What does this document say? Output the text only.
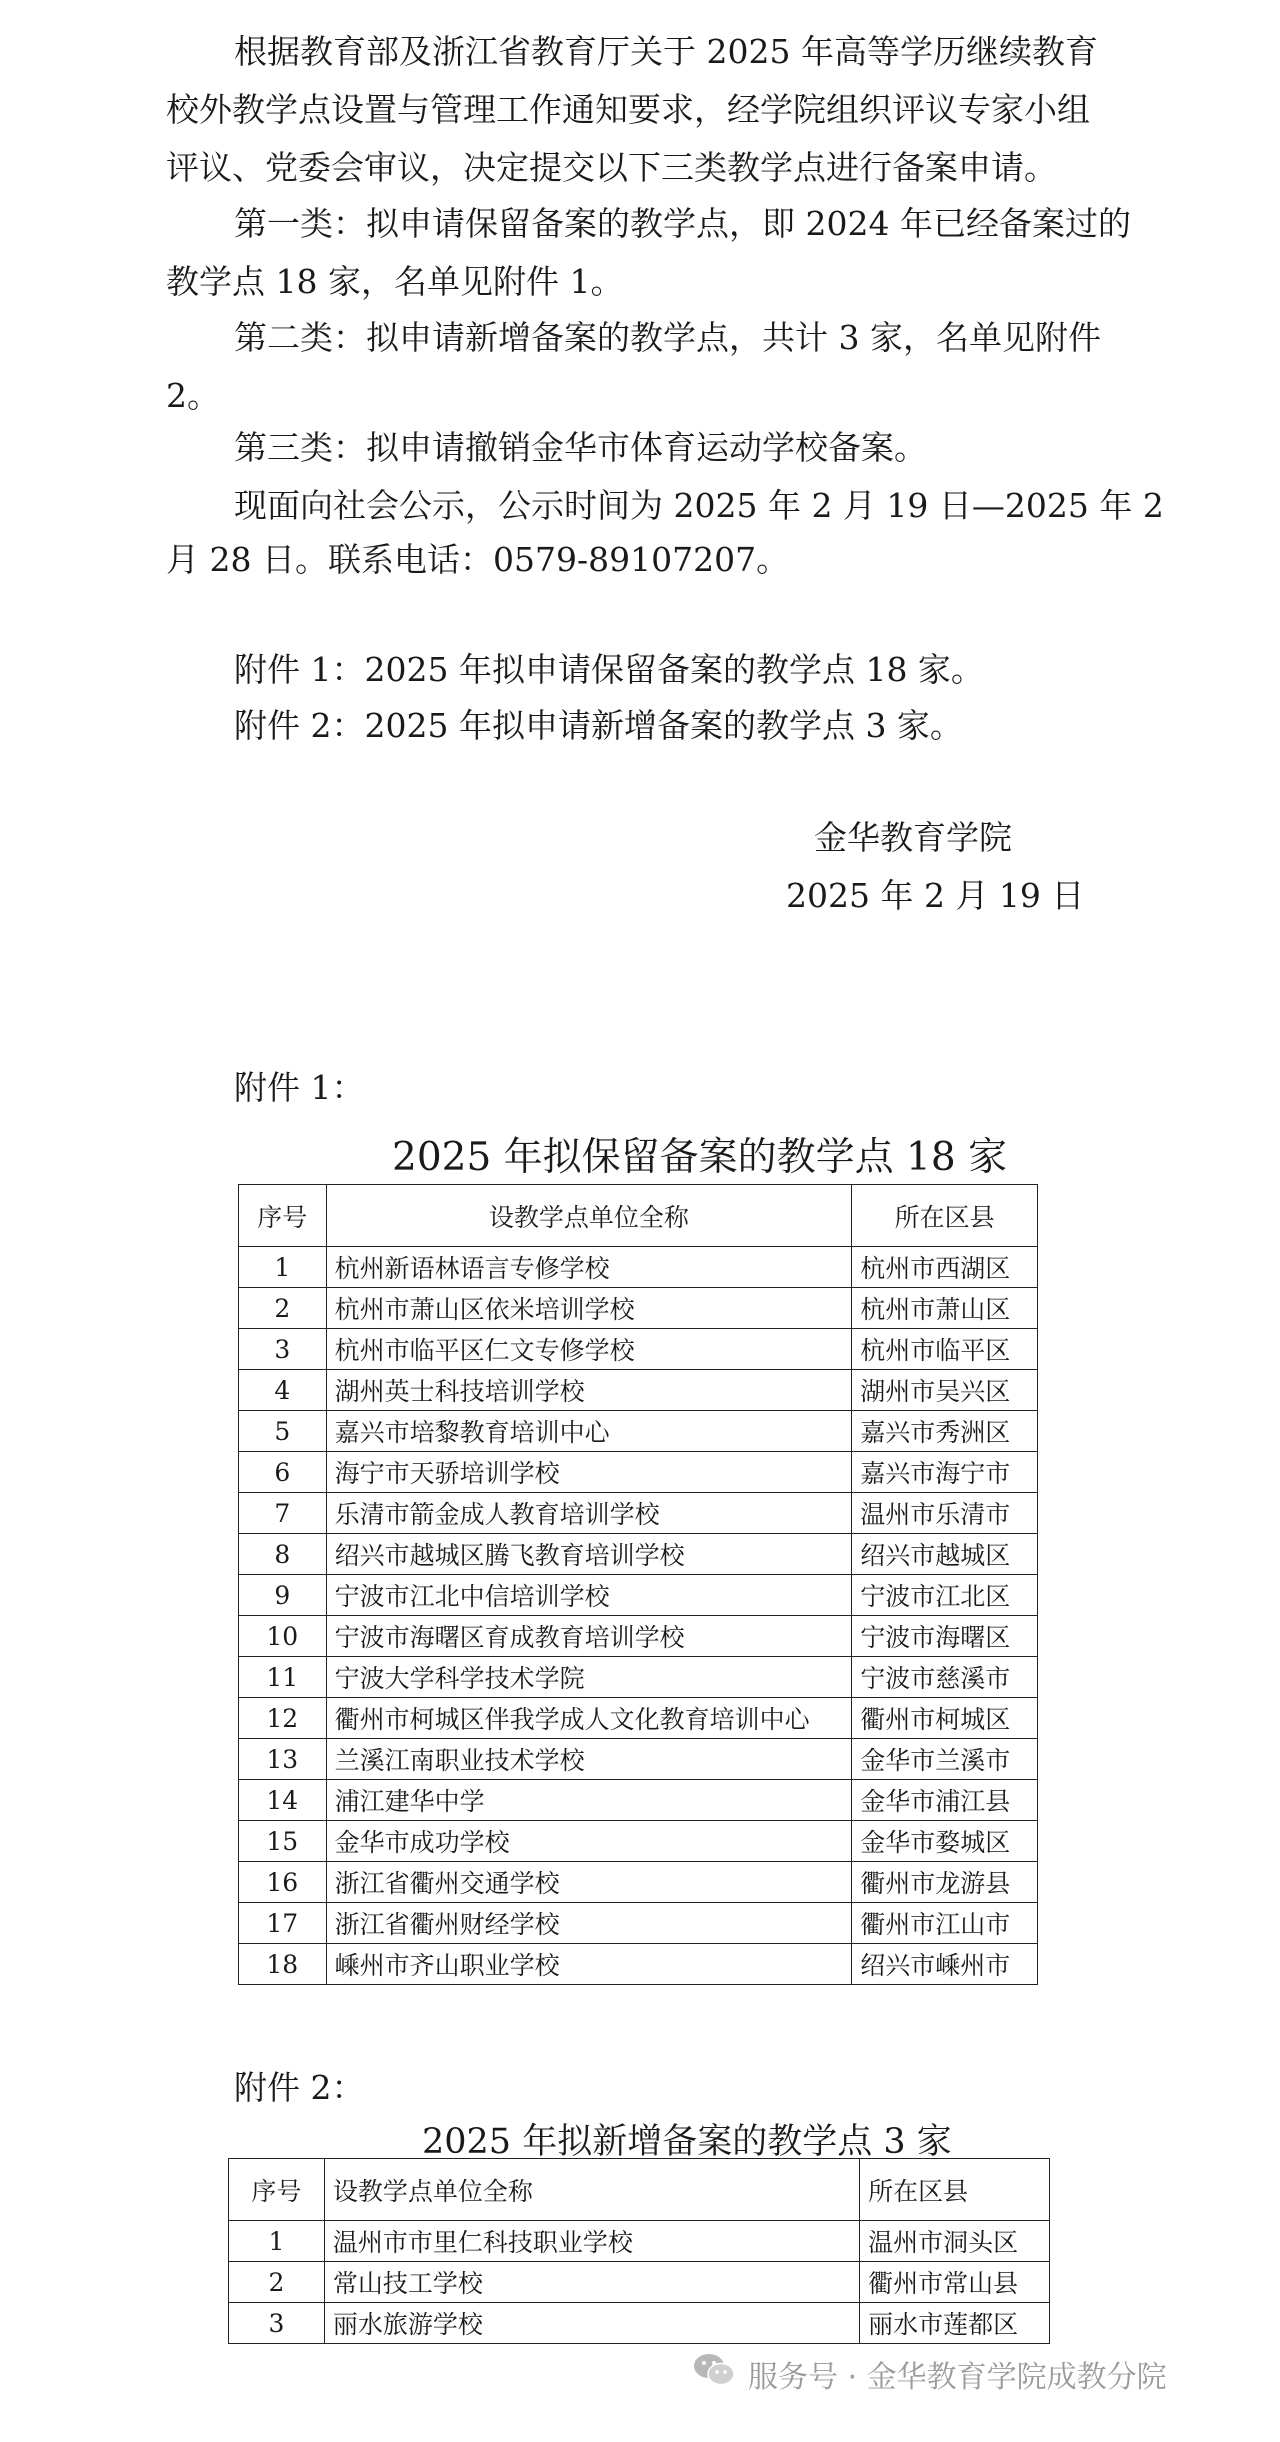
根据教育部及浙江省教育厅关于 2025 年高等学历继续教育
校外教学点设置与管理工作通知要求，经学院组织评议专家小组
评议、党委会审议，决定提交以下三类教学点进行备案申请。
第一类：拟申请保留备案的教学点，即 2024 年已经备案过的
教学点 18 家，名单见附件 1。
第二类：拟申请新增备案的教学点，共计 3 家，名单见附件
2。
第三类：拟申请撤销金华市体育运动学校备案。
现面向社会公示，公示时间为 2025 年 2 月 19 日—2025 年 2
月 28 日。联系电话：0579-89107207。
附件 1：2025 年拟申请保留备案的教学点 18 家。
附件 2：2025 年拟申请新增备案的教学点 3 家。
金华教育学院
2025 年 2 月 19 日
附件 1：
2025 年拟保留备案的教学点 18 家
序号	设教学点单位全称	所在区县
1	杭州新语林语言专修学校	杭州市西湖区
2	杭州市萧山区依米培训学校	杭州市萧山区
3	杭州市临平区仁文专修学校	杭州市临平区
4	湖州英士科技培训学校	湖州市吴兴区
5	嘉兴市培黎教育培训中心	嘉兴市秀洲区
6	海宁市天骄培训学校	嘉兴市海宁市
7	乐清市箭金成人教育培训学校	温州市乐清市
8	绍兴市越城区腾飞教育培训学校	绍兴市越城区
9	宁波市江北中信培训学校	宁波市江北区
10	宁波市海曙区育成教育培训学校	宁波市海曙区
11	宁波大学科学技术学院	宁波市慈溪市
12	衢州市柯城区伴我学成人文化教育培训中心	衢州市柯城区
13	兰溪江南职业技术学校	金华市兰溪市
14	浦江建华中学	金华市浦江县
15	金华市成功学校	金华市婺城区
16	浙江省衢州交通学校	衢州市龙游县
17	浙江省衢州财经学校	衢州市江山市
18	嵊州市齐山职业学校	绍兴市嵊州市
附件 2：
2025 年拟新增备案的教学点 3 家
序号	设教学点单位全称	所在区县
1	温州市市里仁科技职业学校	温州市洞头区
2	常山技工学校	衢州市常山县
3	丽水旅游学校	丽水市莲都区
服务号 · 金华教育学院成教分院
